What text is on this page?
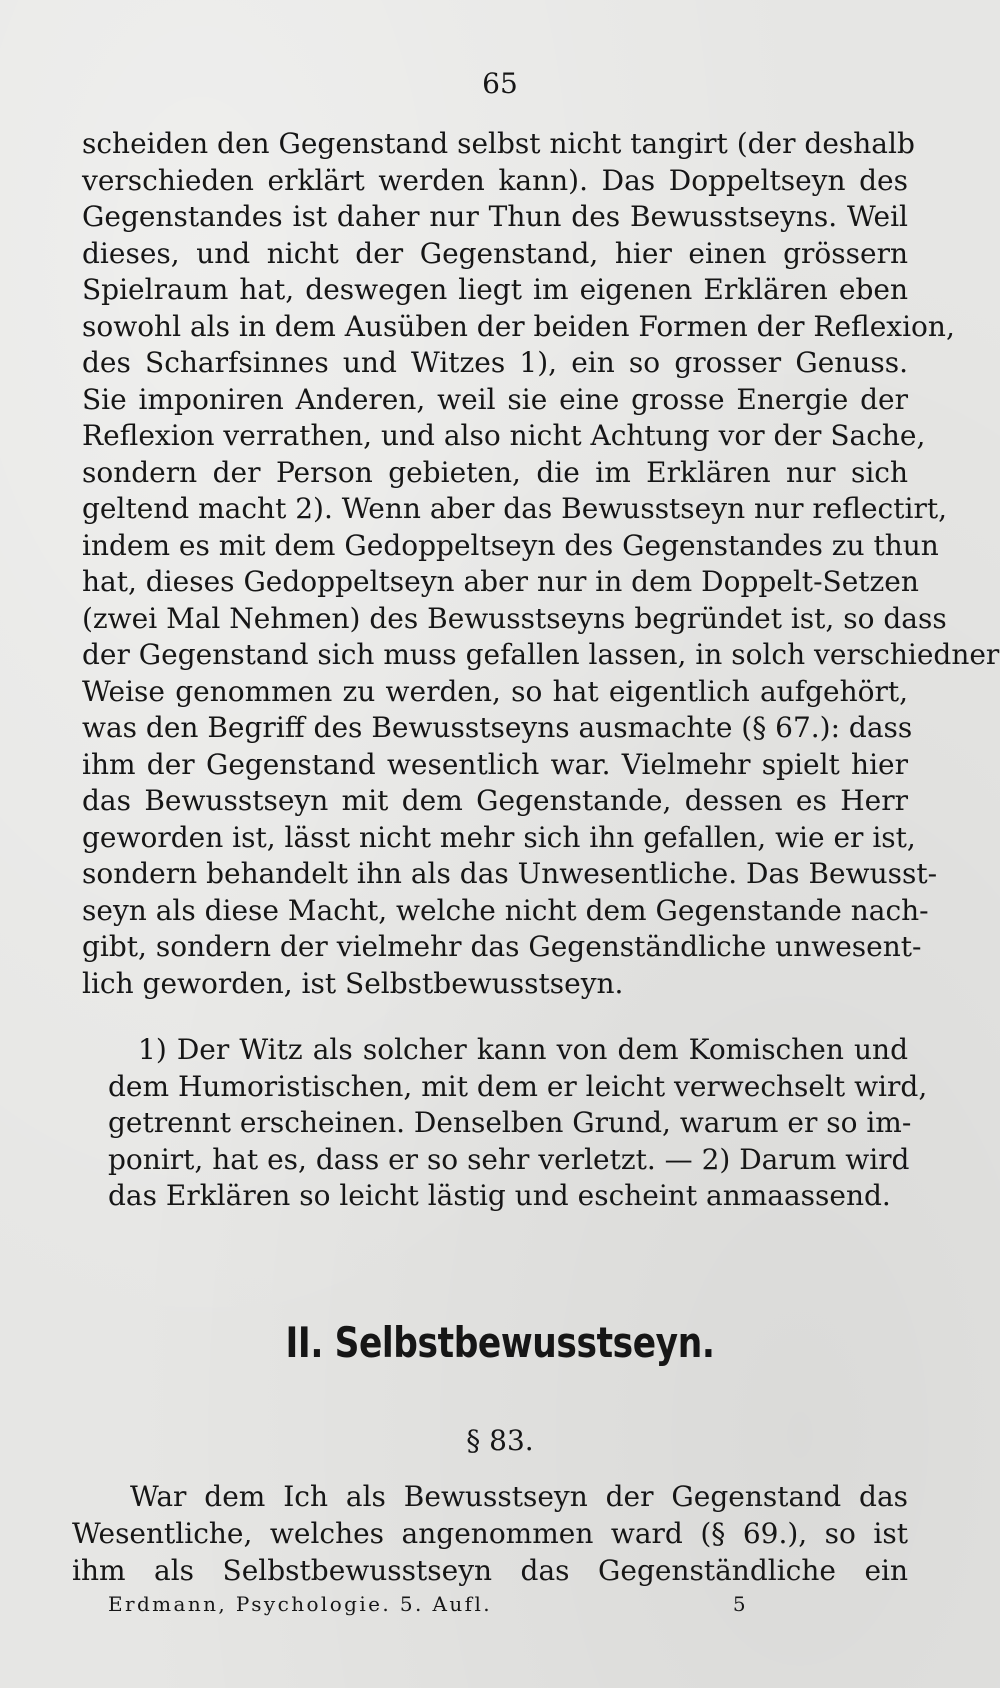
65
scheiden den Gegenstand selbst nicht tangirt (der deshalb
verschieden erklärt werden kann). Das Doppeltseyn des
Gegenstandes ist daher nur Thun des Bewusstseyns. Weil
dieses, und nicht der Gegenstand, hier einen grössern
Spielraum hat, deswegen liegt im eigenen Erklären eben
sowohl als in dem Ausüben der beiden Formen der Reflexion,
des Scharfsinnes und Witzes 1), ein so grosser Genuss.
Sie imponiren Anderen, weil sie eine grosse Energie der
Reflexion verrathen, und also nicht Achtung vor der Sache,
sondern der Person gebieten, die im Erklären nur sich
geltend macht 2). Wenn aber das Bewusstseyn nur reflectirt,
indem es mit dem Gedoppeltseyn des Gegenstandes zu thun
hat, dieses Gedoppeltseyn aber nur in dem Doppelt-Setzen
(zwei Mal Nehmen) des Bewusstseyns begründet ist, so dass
der Gegenstand sich muss gefallen lassen, in solch verschiedner
Weise genommen zu werden, so hat eigentlich aufgehört,
was den Begriff des Bewusstseyns ausmachte (§ 67.): dass
ihm der Gegenstand wesentlich war. Vielmehr spielt hier
das Bewusstseyn mit dem Gegenstande, dessen es Herr
geworden ist, lässt nicht mehr sich ihn gefallen, wie er ist,
sondern behandelt ihn als das Unwesentliche. Das Bewusst-
seyn als diese Macht, welche nicht dem Gegenstande nach-
gibt, sondern der vielmehr das Gegenständliche unwesent-
lich geworden, ist Selbstbewusstseyn.
1) Der Witz als solcher kann von dem Komischen und
dem Humoristischen, mit dem er leicht verwechselt wird,
getrennt erscheinen. Denselben Grund, warum er so im-
ponirt, hat es, dass er so sehr verletzt. — 2) Darum wird
das Erklären so leicht lästig und escheint anmaassend.
II. Selbstbewusstseyn.
§ 83.
War dem Ich als Bewusstseyn der Gegenstand das
Wesentliche, welches angenommen ward (§ 69.), so ist
ihm als Selbstbewusstseyn das Gegenständliche ein
Erdmann, Psychologie. 5. Aufl.	5
